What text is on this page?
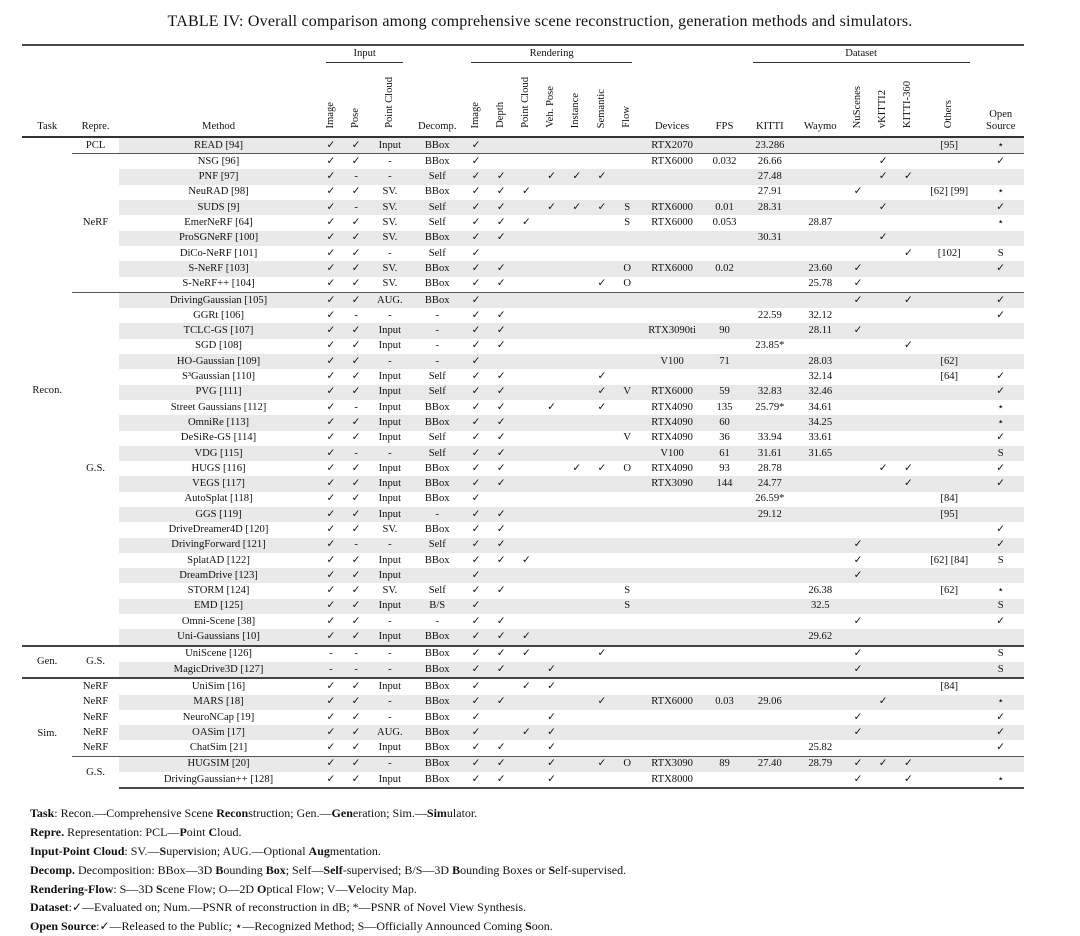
TABLE IV: Overall comparison among comprehensive scene reconstruction, generation methods and simulators.
Task	Repre.	Method	Input			Decomp.	Rendering							Devices	FPS	Dataset						Open Source
			Image	Pose	Point Cloud		Image	Depth	Point Cloud	Veh. Pose	Instance	Semantic	Flow			KITTI	Waymo	NuScenes	vKITTI2	KITTI-360	Others	
Recon.	PCL	READ [94]	✓	✓	Input	BBox	✓							RTX2070		23.286					[95]	⋆
	NeRF	NSG [96]	✓	✓	-	BBox	✓							RTX6000	0.032	26.66			✓			✓
		PNF [97]	✓	-	-	Self	✓	✓		✓	✓	✓				27.48			✓	✓		
		NeuRAD [98]	✓	✓	SV.	BBox	✓	✓	✓							27.91		✓			[62] [99]	⋆
		SUDS [9]	✓	-	SV.	Self	✓	✓		✓	✓	✓	S	RTX6000	0.01	28.31			✓			✓
		EmerNeRF [64]	✓	✓	SV.	Self	✓	✓	✓				S	RTX6000	0.053		28.87					⋆
		ProSGNeRF [100]	✓	✓	SV.	BBox	✓	✓								30.31			✓			
		DiCo-NeRF [101]	✓	✓	-	Self	✓													✓	[102]	S
		S-NeRF [103]	✓	✓	SV.	BBox	✓	✓					O	RTX6000	0.02		23.60	✓				✓
		S-NeRF++ [104]	✓	✓	SV.	BBox	✓	✓				✓	O				25.78	✓				
	G.S.	DrivingGaussian [105]	✓	✓	AUG.	BBox	✓											✓		✓		✓
		GGRt [106]	✓	-	-	-	✓	✓								22.59	32.12					✓
		TCLC-GS [107]	✓	✓	Input	-	✓	✓						RTX3090ti	90		28.11	✓				
		SGD [108]	✓	✓	Input	-	✓	✓								23.85*				✓		
		HO-Gaussian [109]	✓	✓	-	-	✓							V100	71		28.03				[62]	
		S³Gaussian [110]	✓	✓	Input	Self	✓	✓				✓					32.14				[64]	✓
		PVG [111]	✓	✓	Input	Self	✓	✓				✓	V	RTX6000	59	32.83	32.46					✓
		Street Gaussians [112]	✓	-	Input	BBox	✓	✓		✓		✓		RTX4090	135	25.79*	34.61					⋆
		OmniRe [113]	✓	✓	Input	BBox	✓	✓						RTX4090	60		34.25					⋆
		DeSiRe-GS [114]	✓	✓	Input	Self	✓	✓					V	RTX4090	36	33.94	33.61					✓
		VDG [115]	✓	-	-	Self	✓	✓						V100	61	31.61	31.65					S
		HUGS [116]	✓	✓	Input	BBox	✓	✓			✓	✓	O	RTX4090	93	28.78			✓	✓		✓
		VEGS [117]	✓	✓	Input	BBox	✓	✓						RTX3090	144	24.77				✓		✓
		AutoSplat [118]	✓	✓	Input	BBox	✓									26.59*					[84]	
		GGS [119]	✓	✓	Input	-	✓	✓								29.12					[95]	
		DriveDreamer4D [120]	✓	✓	SV.	BBox	✓	✓														✓
		DrivingForward [121]	✓	-	-	Self	✓	✓										✓				✓
		SplatAD [122]	✓	✓	Input	BBox	✓	✓	✓									✓			[62] [84]	S
		DreamDrive [123]	✓	✓	Input		✓											✓				
		STORM [124]	✓	✓	SV.	Self	✓	✓					S				26.38				[62]	⋆
		EMD [125]	✓	✓	Input	B/S	✓						S				32.5					S
		Omni-Scene [38]	✓	✓	-	-	✓	✓										✓				✓
		Uni-Gaussians [10]	✓	✓	Input	BBox	✓	✓	✓								29.62					
Gen.	G.S.	UniScene [126]	-	-	-	BBox	✓	✓	✓			✓						✓				S
		MagicDrive3D [127]	-	-	-	BBox	✓	✓		✓								✓				S
Sim.	NeRF	UniSim [16]	✓	✓	Input	BBox	✓		✓	✓											[84]	
	NeRF	MARS [18]	✓	✓	-	BBox	✓	✓				✓		RTX6000	0.03	29.06			✓			⋆
	NeRF	NeuroNCap [19]	✓	✓	-	BBox	✓			✓								✓				✓
	NeRF	OASim [17]	✓	✓	AUG.	BBox	✓		✓	✓								✓				✓
	NeRF	ChatSim [21]	✓	✓	Input	BBox	✓	✓		✓							25.82					✓
	G.S.	HUGSIM [20]	✓	✓	-	BBox	✓	✓		✓		✓	O	RTX3090	89	27.40	28.79	✓	✓	✓		
		DrivingGaussian++ [128]	✓	✓	Input	BBox	✓	✓		✓				RTX8000				✓		✓		⋆
Task: Recon.—Comprehensive Scene Reconstruction; Gen.—Generation; Sim.—Simulator.
Repre. Representation: PCL—Point Cloud.
Input-Point Cloud: SV.—Supervision; AUG.—Optional Augmentation.
Decomp. Decomposition: BBox—3D Bounding Box; Self—Self-supervised; B/S—3D Bounding Boxes or Self-supervised.
Rendering-Flow: S—3D Scene Flow; O—2D Optical Flow; V—Velocity Map.
Dataset:✓—Evaluated on; Num.—PSNR of reconstruction in dB; *—PSNR of Novel View Synthesis.
Open Source:✓—Released to the Public; ⋆—Recognized Method; S—Officially Announced Coming Soon.
